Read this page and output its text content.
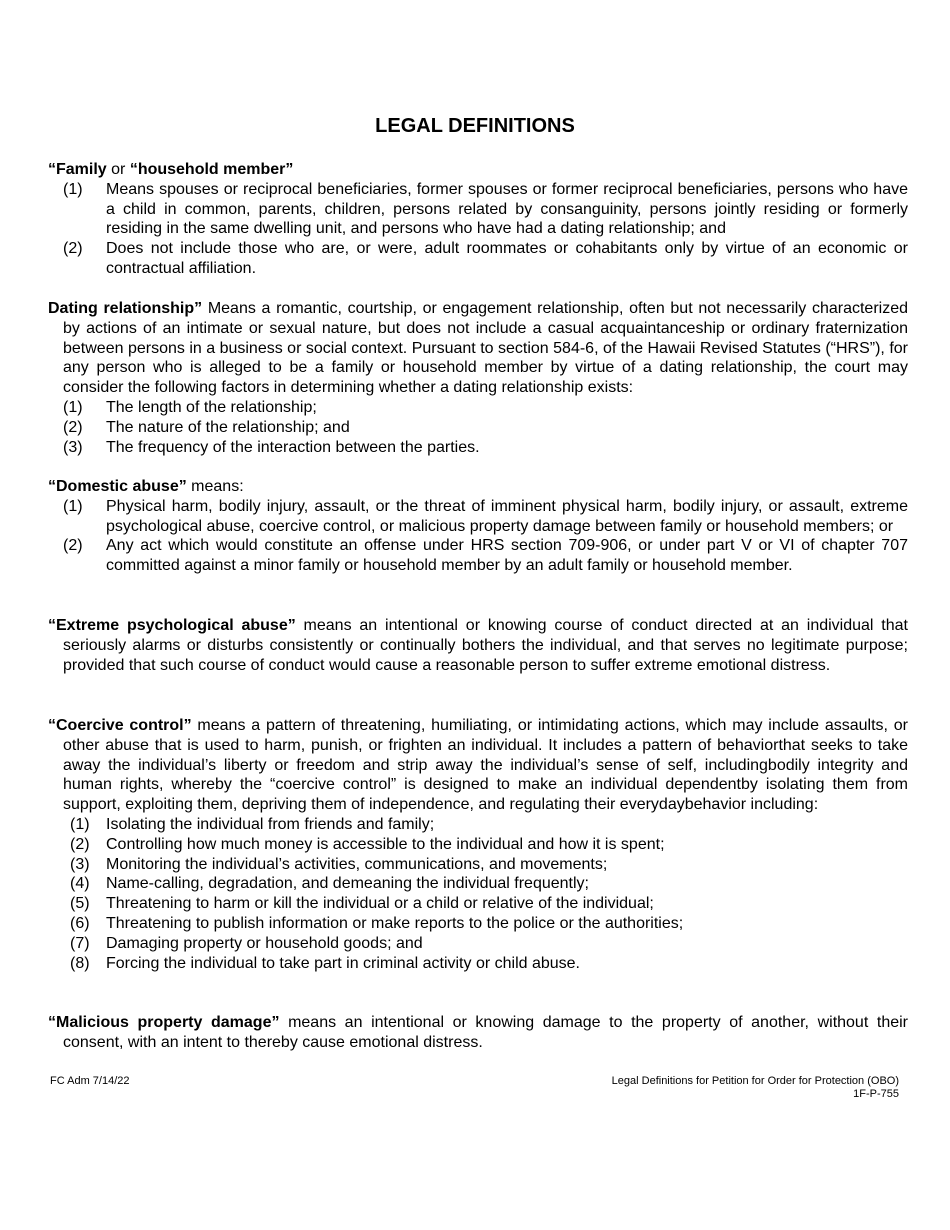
LEGAL DEFINITIONS

“Family or “household member”

(1) Means spouses or reciprocal beneficiaries, former spouses or former reciprocal beneficiaries, persons who have a child in common, parents, children, persons related by consanguinity, persons jointly residing or formerly residing in the same dwelling unit, and persons who have had a dating relationship; and
(2) Does not include those who are, or were, adult roommates or cohabitants only by virtue of an economic or contractual affiliation.

Dating relationship” Means a romantic, courtship, or engagement relationship, often but not necessarily characterized by actions of an intimate or sexual nature, but does not include a casual acquaintanceship or ordinary fraternization between persons in a business or social context. Pursuant to section 584-6, of the Hawaii Revised Statutes (“HRS”), for any person who is alleged to be a family or household member by virtue of a dating relationship, the court may consider the following factors in determining whether a dating relationship exists:

(1) The length of the relationship;
(2) The nature of the relationship; and
(3) The frequency of the interaction between the parties.

“Domestic abuse” means:

(1) Physical harm, bodily injury, assault, or the threat of imminent physical harm, bodily injury, or assault, extreme psychological abuse, coercive control, or malicious property damage between family or household members; or
(2) Any act which would constitute an offense under HRS section 709-906, or under part V or VI of chapter 707 committed against a minor family or household member by an adult family or household member.

“Extreme psychological abuse” means an intentional or knowing course of conduct directed at an individual that seriously alarms or disturbs consistently or continually bothers the individual, and that serves no legitimate purpose; provided that such course of conduct would cause a reasonable person to suffer extreme emotional distress.

“Coercive control” means a pattern of threatening, humiliating, or intimidating actions, which may include assaults, or other abuse that is used to harm, punish, or frighten an individual. It includes a pattern of behaviorthat seeks to take away the individual’s liberty or freedom and strip away the individual’s sense of self, includingbodily integrity and human rights, whereby the “coercive control” is designed to make an individual dependentby isolating them from support, exploiting them, depriving them of independence, and regulating their everydaybehavior including:

(1) Isolating the individual from friends and family;
(2) Controlling how much money is accessible to the individual and how it is spent;
(3) Monitoring the individual’s activities, communications, and movements;
(4) Name-calling, degradation, and demeaning the individual frequently;
(5) Threatening to harm or kill the individual or a child or relative of the individual;
(6) Threatening to publish information or make reports to the police or the authorities;
(7) Damaging property or household goods; and
(8) Forcing the individual to take part in criminal activity or child abuse.

“Malicious property damage” means an intentional or knowing damage to the property of another, without their consent, with an intent to thereby cause emotional distress.

FC Adm 7/14/22	Legal Definitions for Petition for Order for Protection (OBO)
1F-P-755
